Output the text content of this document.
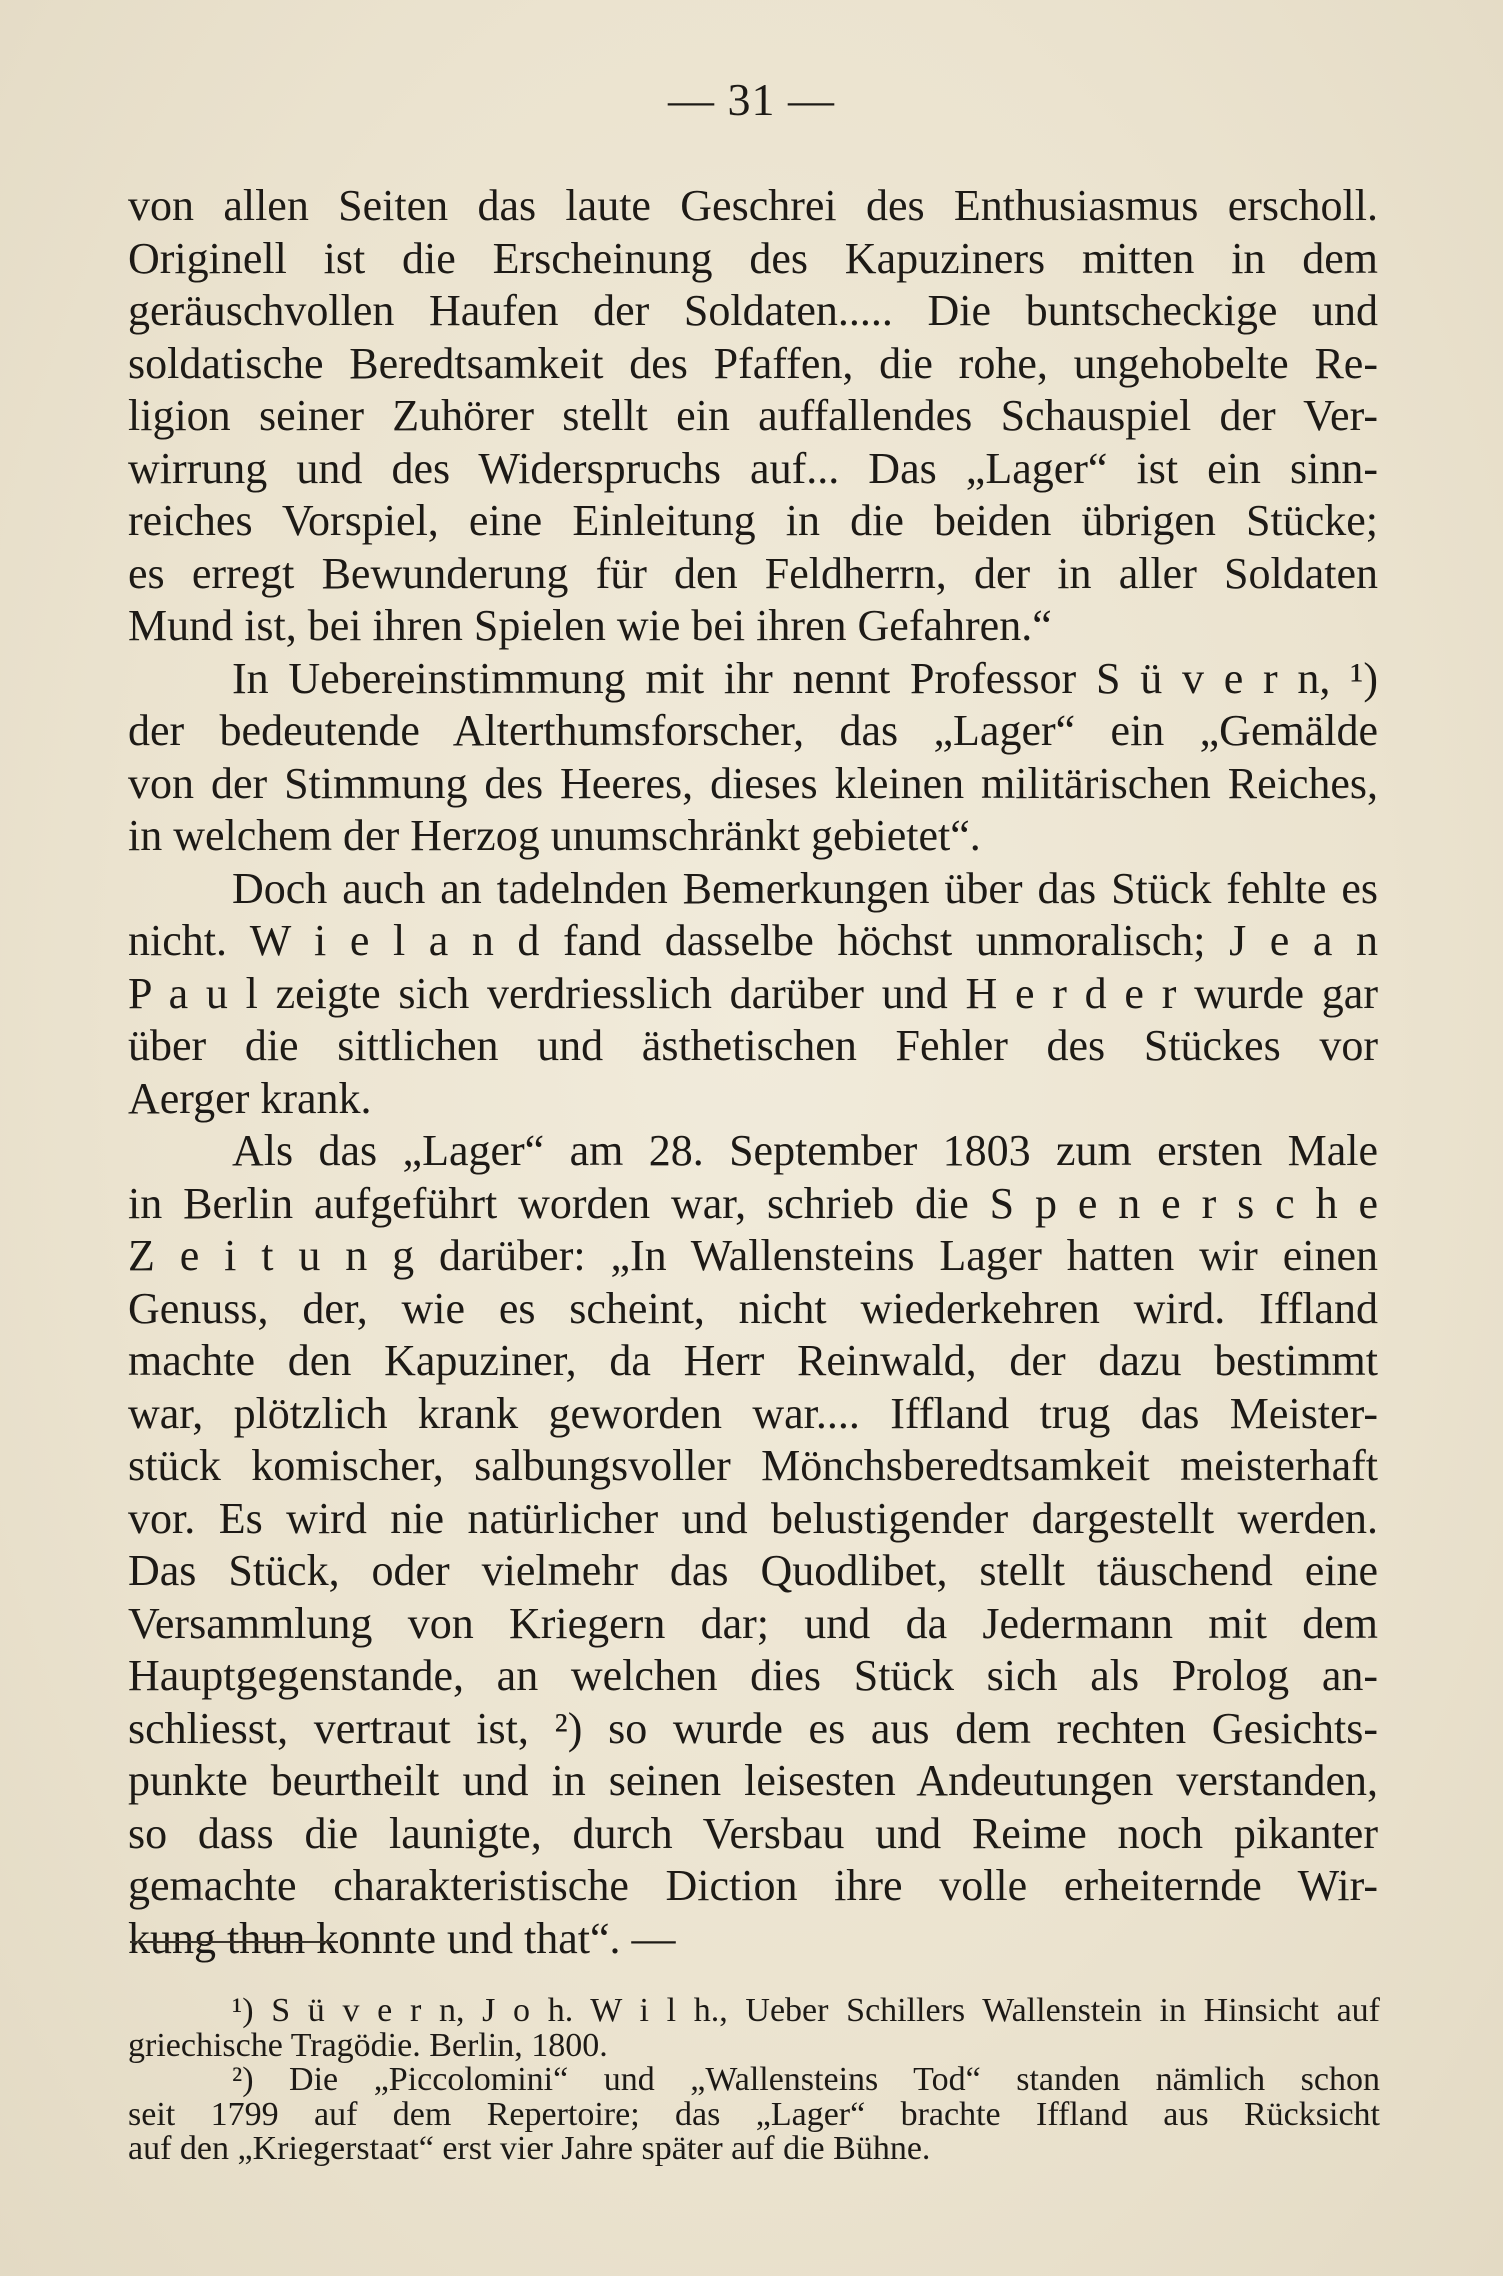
— 31 —
von allen Seiten das laute Geschrei des Enthusiasmus erscholl.
Originell ist die Erscheinung des Kapuziners mitten in dem
geräuschvollen Haufen der Soldaten..... Die buntscheckige und
soldatische Beredtsamkeit des Pfaffen, die rohe, ungehobelte Re-
ligion seiner Zuhörer stellt ein auffallendes Schauspiel der Ver-
wirrung und des Widerspruchs auf... Das „Lager“ ist ein sinn-
reiches Vorspiel, eine Einleitung in die beiden übrigen Stücke;
es erregt Bewunderung für den Feldherrn, der in aller Soldaten
Mund ist, bei ihren Spielen wie bei ihren Gefahren.“
In Uebereinstimmung mit ihr nennt Professor S ü v e r n, ¹)
der bedeutende Alterthumsforscher, das „Lager“ ein „Gemälde
von der Stimmung des Heeres, dieses kleinen militärischen Reiches,
in welchem der Herzog unumschränkt gebietet“.
Doch auch an tadelnden Bemerkungen über das Stück fehlte es
nicht. W i e l a n d fand dasselbe höchst unmoralisch; J e a n
P a u l zeigte sich verdriesslich darüber und H e r d e r wurde gar
über die sittlichen und ästhetischen Fehler des Stückes vor
Aerger krank.
Als das „Lager“ am 28. September 1803 zum ersten Male
in Berlin aufgeführt worden war, schrieb die S p e n e r s c h e
Z e i t u n g darüber: „In Wallensteins Lager hatten wir einen
Genuss, der, wie es scheint, nicht wiederkehren wird. Iffland
machte den Kapuziner, da Herr Reinwald, der dazu bestimmt
war, plötzlich krank geworden war.... Iffland trug das Meister-
stück komischer, salbungsvoller Mönchsberedtsamkeit meisterhaft
vor. Es wird nie natürlicher und belustigender dargestellt werden.
Das Stück, oder vielmehr das Quodlibet, stellt täuschend eine
Versammlung von Kriegern dar; und da Jedermann mit dem
Hauptgegenstande, an welchen dies Stück sich als Prolog an-
schliesst, vertraut ist, ²) so wurde es aus dem rechten Gesichts-
punkte beurtheilt und in seinen leisesten Andeutungen verstanden,
so dass die launigte, durch Versbau und Reime noch pikanter
gemachte charakteristische Diction ihre volle erheiternde Wir-
kung thun konnte und that“. —
¹) S ü v e r n, J o h. W i l h., Ueber Schillers Wallenstein in Hinsicht auf
griechische Tragödie. Berlin, 1800.
²) Die „Piccolomini“ und „Wallensteins Tod“ standen nämlich schon
seit 1799 auf dem Repertoire; das „Lager“ brachte Iffland aus Rücksicht
auf den „Kriegerstaat“ erst vier Jahre später auf die Bühne.
